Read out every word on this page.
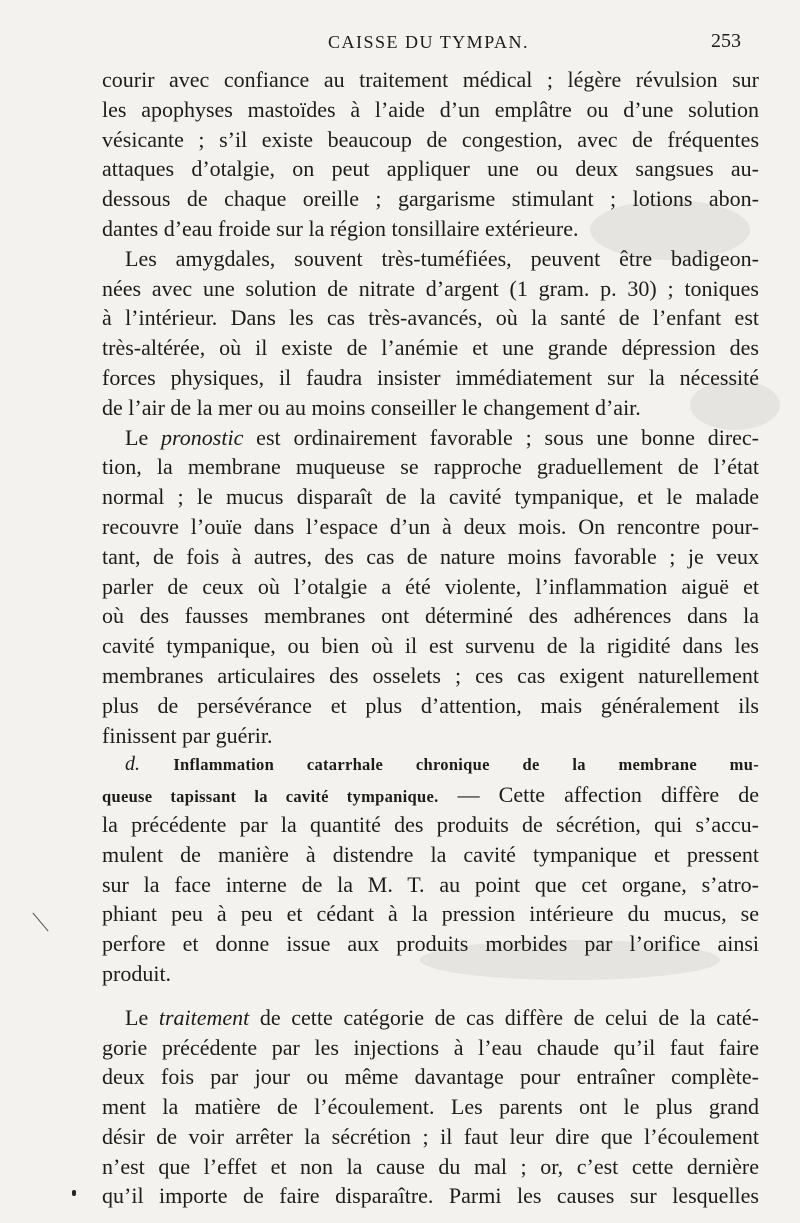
CAISSE DU TYMPAN.	253
courir avec confiance au traitement médical ; légère révulsion sur
les apophyses mastoïdes à l’aide d’un emplâtre ou d’une solution
vésicante ; s’il existe beaucoup de congestion, avec de fréquentes
attaques d’otalgie, on peut appliquer une ou deux sangsues au-
dessous de chaque oreille ; gargarisme stimulant ; lotions abon-
dantes d’eau froide sur la région tonsillaire extérieure.
Les amygdales, souvent très-tuméfiées, peuvent être badigeon-
nées avec une solution de nitrate d’argent (1 gram. p. 30) ; toniques
à l’intérieur. Dans les cas très-avancés, où la santé de l’enfant est
très-altérée, où il existe de l’anémie et une grande dépression des
forces physiques, il faudra insister immédiatement sur la nécessité
de l’air de la mer ou au moins conseiller le changement d’air.
Le pronostic est ordinairement favorable ; sous une bonne direc-
tion, la membrane muqueuse se rapproche graduellement de l’état
normal ; le mucus disparaît de la cavité tympanique, et le malade
recouvre l’ouïe dans l’espace d’un à deux mois. On rencontre pour-
tant, de fois à autres, des cas de nature moins favorable ; je veux
parler de ceux où l’otalgie a été violente, l’inflammation aiguë et
où des fausses membranes ont déterminé des adhérences dans la
cavité tympanique, ou bien où il est survenu de la rigidité dans les
membranes articulaires des osselets ; ces cas exigent naturellement
plus de persévérance et plus d’attention, mais généralement ils
finissent par guérir.
d. Inflammation catarrhale chronique de la membrane mu-
queuse tapissant la cavité tympanique. — Cette affection diffère de
la précédente par la quantité des produits de sécrétion, qui s’accu-
mulent de manière à distendre la cavité tympanique et pressent
sur la face interne de la M. T. au point que cet organe, s’atro-
phiant peu à peu et cédant à la pression intérieure du mucus, se
perfore et donne issue aux produits morbides par l’orifice ainsi
produit.
Le traitement de cette catégorie de cas diffère de celui de la caté-
gorie précédente par les injections à l’eau chaude qu’il faut faire
deux fois par jour ou même davantage pour entraîner complète-
ment la matière de l’écoulement. Les parents ont le plus grand
désir de voir arrêter la sécrétion ; il faut leur dire que l’écoulement
n’est que l’effet et non la cause du mal ; or, c’est cette dernière
qu’il importe de faire disparaître. Parmi les causes sur lesquelles
